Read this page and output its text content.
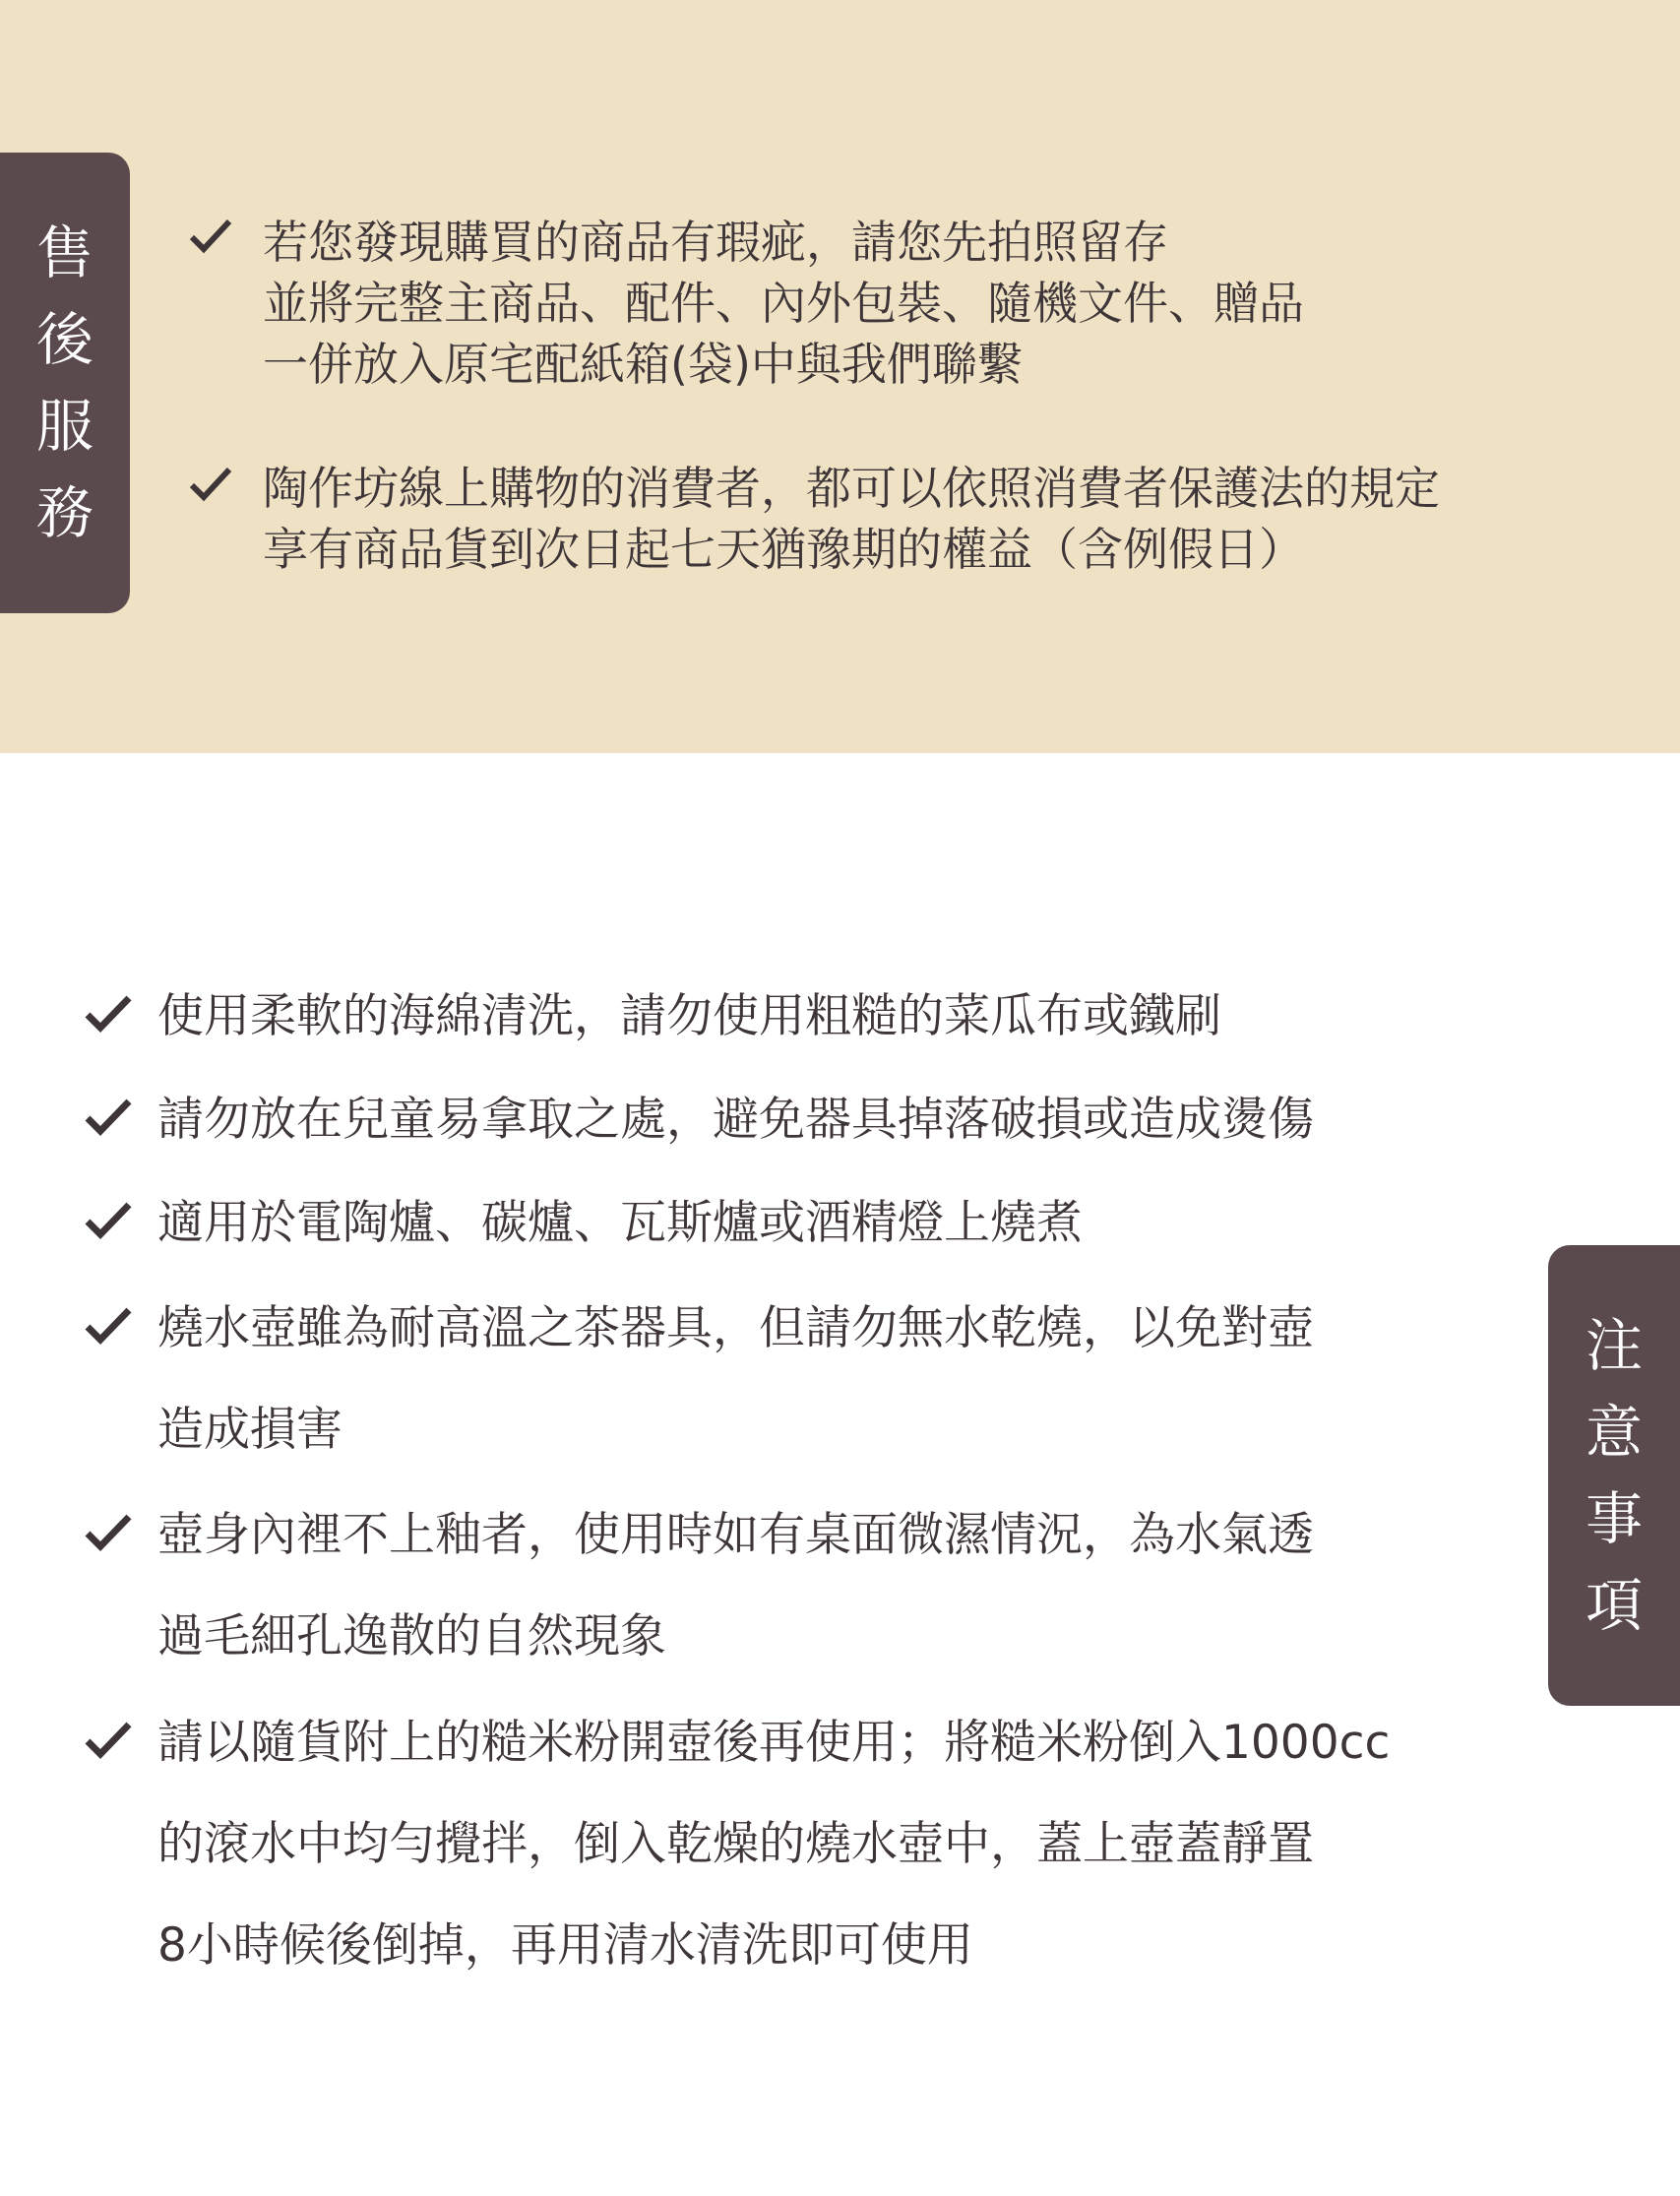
售
後
服
務
若您發現購買的商品有瑕疵，請您先拍照留存
並將完整主商品、配件、內外包裝、隨機文件、贈品
一併放入原宅配紙箱(袋)中與我們聯繫
陶作坊線上購物的消費者，都可以依照消費者保護法的規定
享有商品貨到次日起七天猶豫期的權益（含例假日）
注
意
事
項
使用柔軟的海綿清洗，請勿使用粗糙的菜瓜布或鐵刷
請勿放在兒童易拿取之處，避免器具掉落破損或造成燙傷
適用於電陶爐、碳爐、瓦斯爐或酒精燈上燒煮
燒水壺雖為耐高溫之茶器具，但請勿無水乾燒，以免對壺
造成損害
壺身內裡不上釉者，使用時如有桌面微濕情況，為水氣透
過毛細孔逸散的自然現象
請以隨貨附上的糙米粉開壺後再使用；將糙米粉倒入1000cc
的滾水中均勻攪拌，倒入乾燥的燒水壺中，蓋上壺蓋靜置
8小時候後倒掉，再用清水清洗即可使用
